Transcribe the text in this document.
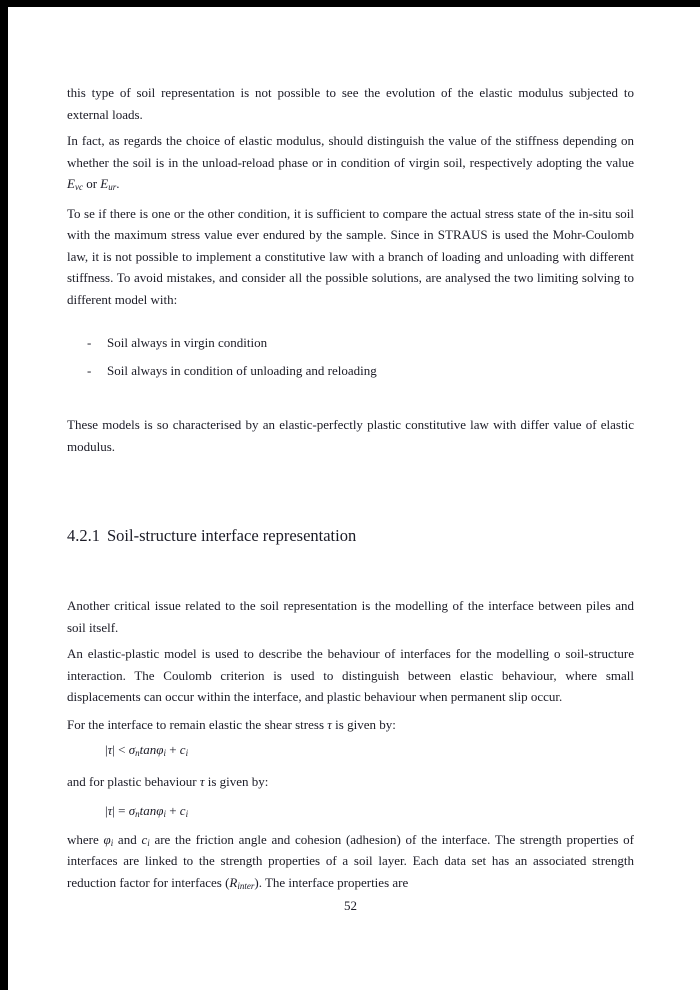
this type of soil representation is not possible to see the evolution of the elastic modulus subjected to external loads.
In fact, as regards the choice of elastic modulus, should distinguish the value of the stiffness depending on whether the soil is in the unload-reload phase or in condition of virgin soil, respectively adopting the value $E_{vc}$ or $E_{ur}$.
To se if there is one or the other condition, it is sufficient to compare the actual stress state of the in-situ soil with the maximum stress value ever endured by the sample. Since in STRAUS is used the Mohr-Coulomb law, it is not possible to implement a constitutive law with a branch of loading and unloading with different stiffness. To avoid mistakes, and consider all the possible solutions, are analysed the two limiting solving to different model with:
-	Soil always in virgin condition
-	Soil always in condition of unloading and reloading
These models is so characterised by an elastic-perfectly plastic constitutive law with differ value of elastic modulus.
4.2.1 Soil-structure interface representation
Another critical issue related to the soil representation is the modelling of the interface between piles and soil itself.
An elastic-plastic model is used to describe the behaviour of interfaces for the modelling o soil-structure interaction. The Coulomb criterion is used to distinguish between elastic behaviour, where small displacements can occur within the interface, and plastic behaviour when permanent slip occur.
For the interface to remain elastic the shear stress τ is given by:
$|\tau| < \sigma_n\tan\varphi_i + c_i$
and for plastic behaviour τ is given by:
$|\tau| = \sigma_n\tan\varphi_i + c_i$
where $\varphi_i$ and $c_i$ are the friction angle and cohesion (adhesion) of the interface. The strength properties of interfaces are linked to the strength properties of a soil layer. Each data set has an associated strength reduction factor for interfaces $(R_{inter})$. The interface properties are
52
